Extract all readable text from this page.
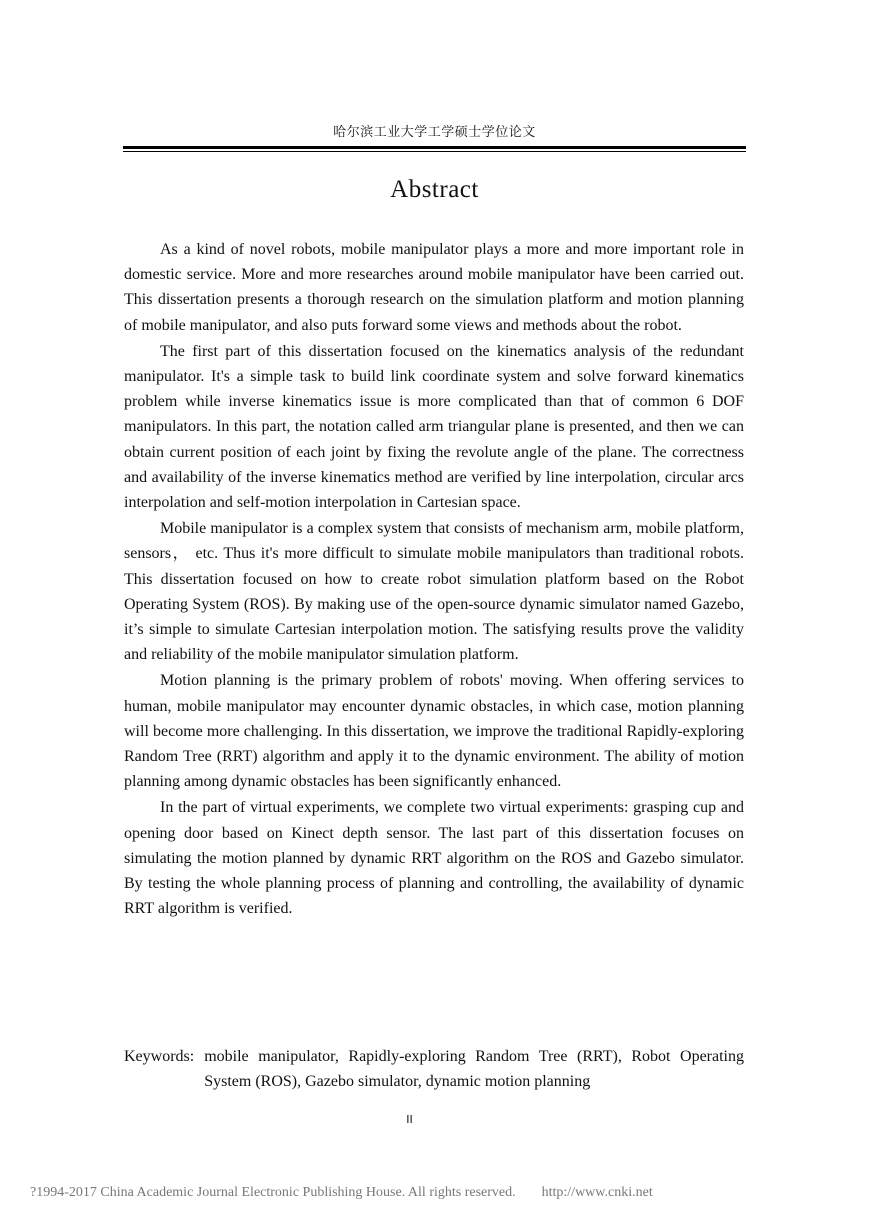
哈尔滨工业大学工学硕士学位论文
Abstract

As a kind of novel robots, mobile manipulator plays a more and more important role in domestic service. More and more researches around mobile manipulator have been carried out. This dissertation presents a thorough research on the simulation platform and motion planning of mobile manipulator, and also puts forward some views and methods about the robot.

The first part of this dissertation focused on the kinematics analysis of the redundant manipulator. It's a simple task to build link coordinate system and solve forward kinematics problem while inverse kinematics issue is more complicated than that of common 6 DOF manipulators. In this part, the notation called arm triangular plane is presented, and then we can obtain current position of each joint by fixing the revolute angle of the plane. The correctness and availability of the inverse kinematics method are verified by line interpolation, circular arcs interpolation and self-motion interpolation in Cartesian space.

Mobile manipulator is a complex system that consists of mechanism arm, mobile platform, sensors， etc. Thus it's more difficult to simulate mobile manipulators than traditional robots. This dissertation focused on how to create robot simulation platform based on the Robot Operating System (ROS). By making use of the open-source dynamic simulator named Gazebo, it’s simple to simulate Cartesian interpolation motion. The satisfying results prove the validity and reliability of the mobile manipulator simulation platform.

Motion planning is the primary problem of robots' moving. When offering services to human, mobile manipulator may encounter dynamic obstacles, in which case, motion planning will become more challenging. In this dissertation, we improve the traditional Rapidly-exploring Random Tree (RRT) algorithm and apply it to the dynamic environment. The ability of motion planning among dynamic obstacles has been significantly enhanced.

In the part of virtual experiments, we complete two virtual experiments: grasping cup and opening door based on Kinect depth sensor. The last part of this dissertation focuses on simulating the motion planned by dynamic RRT algorithm on the ROS and Gazebo simulator. By testing the whole planning process of planning and controlling, the availability of dynamic RRT algorithm is verified.

Keywords: mobile manipulator, Rapidly-exploring Random Tree (RRT), Robot Operating System (ROS), Gazebo simulator, dynamic motion planning
II
?1994-2017 China Academic Journal Electronic Publishing House. All rights reserved. http://www.cnki.net
